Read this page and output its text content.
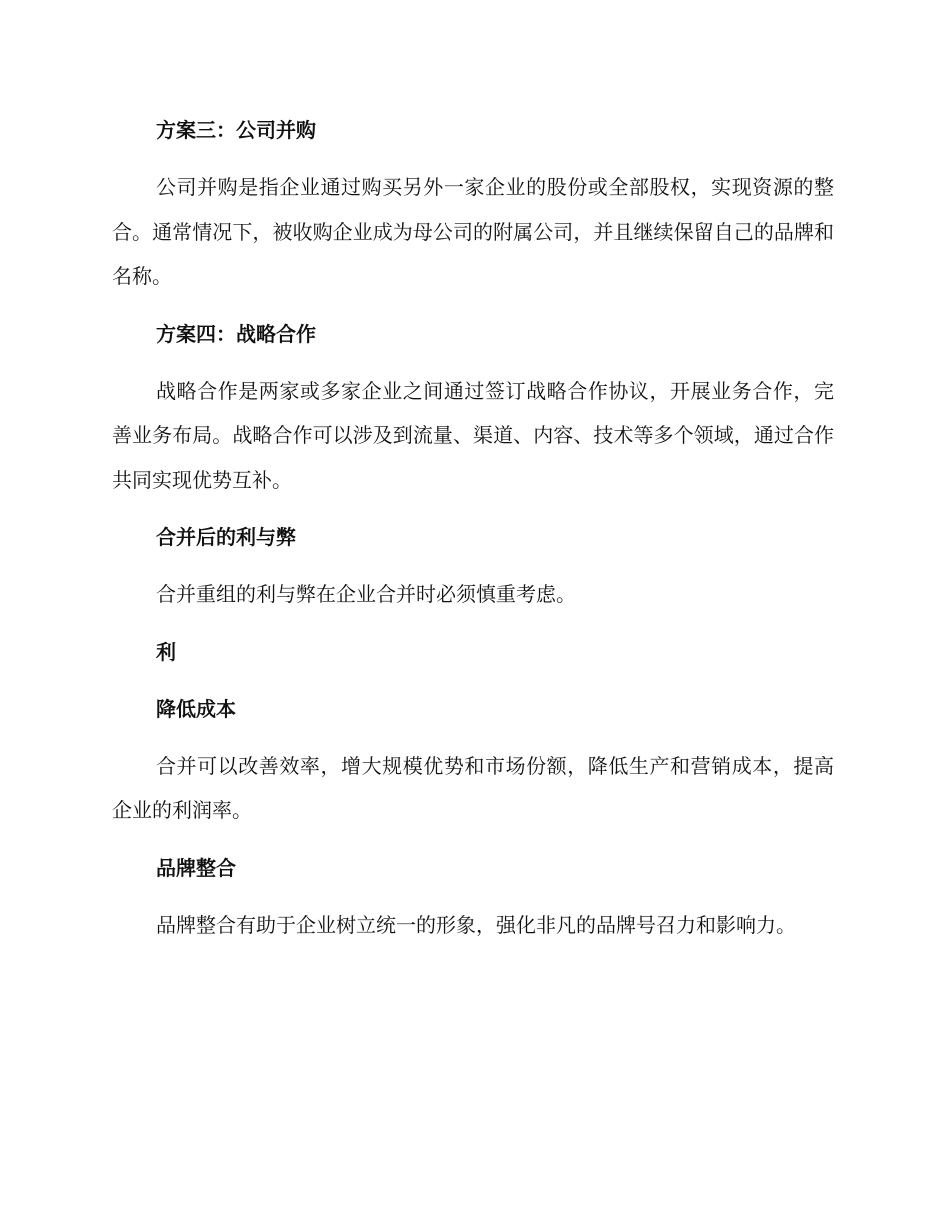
方案三：公司并购

公司并购是指企业通过购买另外一家企业的股份或全部股权，实现资源的整合。通常情况下，被收购企业成为母公司的附属公司，并且继续保留自己的品牌和名称。

方案四：战略合作

战略合作是两家或多家企业之间通过签订战略合作协议，开展业务合作，完善业务布局。战略合作可以涉及到流量、渠道、内容、技术等多个领域，通过合作共同实现优势互补。

合并后的利与弊

合并重组的利与弊在企业合并时必须慎重考虑。

利
降低成本

合并可以改善效率，增大规模优势和市场份额，降低生产和营销成本，提高企业的利润率。

品牌整合

品牌整合有助于企业树立统一的形象，强化非凡的品牌号召力和影响力。
